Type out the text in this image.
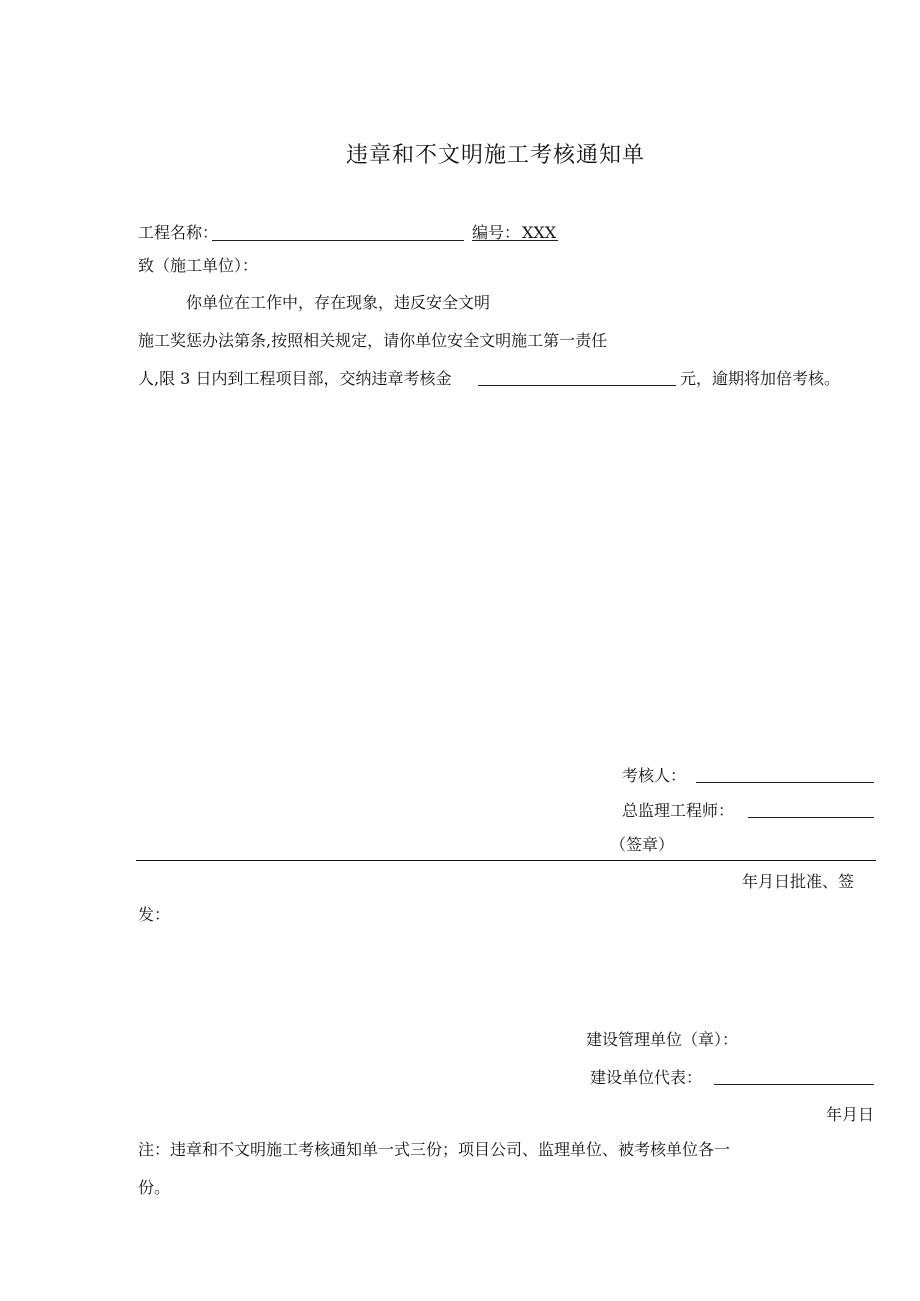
违章和不文明施工考核通知单
工程名称：	编号： XXX
致（施工单位）：
你单位在工作中，存在现象，违反安全文明
施工奖惩办法第条,按照相关规定，请你单位安全文明施工第一责任
人,限 3 日内到工程项目部，交纳违章考核金	元，逾期将加倍考核。
考核人：
总监理工程师：
（签章）
年月日批准、签
发：
建设管理单位（章）：
建设单位代表：
年月日
注：违章和不文明施工考核通知单一式三份；项目公司、监理单位、被考核单位各一
份。
